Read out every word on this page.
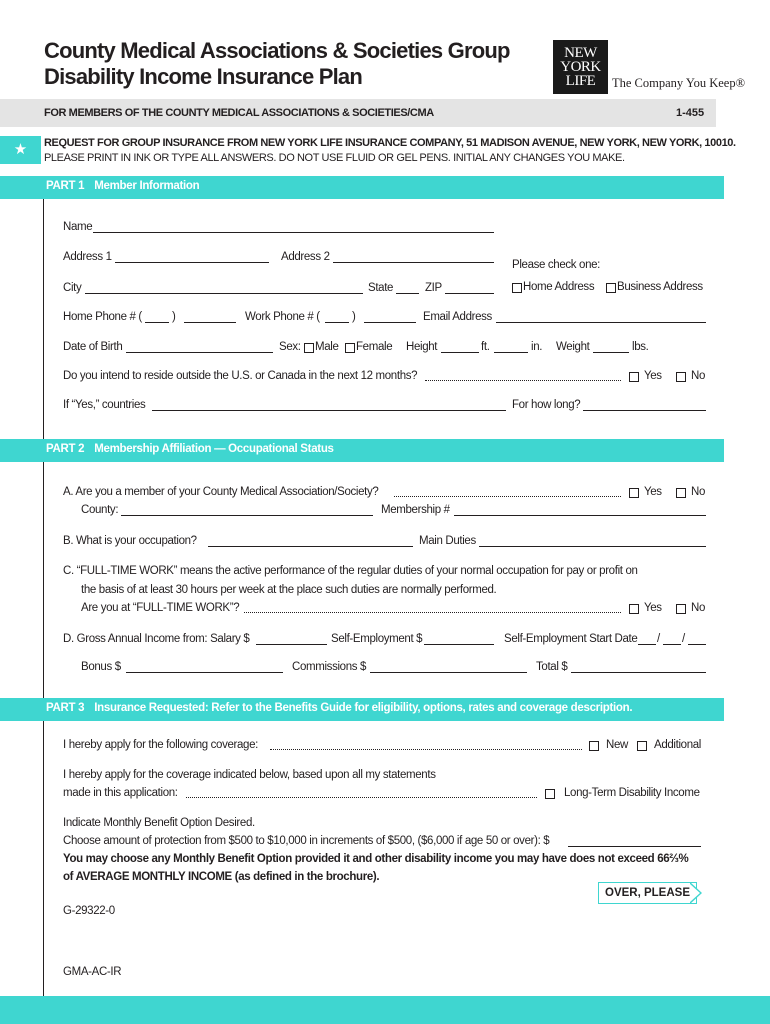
County Medical Associations & Societies Group
Disability Income Insurance Plan
NEW
YORK
LIFE	The Company You Keep®
FOR MEMBERS OF THE COUNTY MEDICAL ASSOCIATIONS & SOCIETIES/CMA	1-455
★	REQUEST FOR GROUP INSURANCE FROM NEW YORK LIFE INSURANCE COMPANY, 51 MADISON AVENUE, NEW YORK, NEW YORK, 10010.
PLEASE PRINT IN INK OR TYPE ALL ANSWERS. DO NOT USE FLUID OR GEL PENS. INITIAL ANY CHANGES YOU MAKE.
PART 1 Member Information
Name
Address 1	Address 2
Please check one:
City	State	ZIP	Home Address Business Address
Home Phone # (	)	Work Phone # (	)	Email Address
Date of Birth	Sex: Male Female Height	ft.	in. Weight	lbs.
Do you intend to reside outside the U.S. or Canada in the next 12 months?	Yes	No
If “Yes,” countries	For how long?
PART 2 Membership Affiliation — Occupational Status
A. Are you a member of your County Medical Association/Society?	Yes	No
County:	Membership #
B. What is your occupation?	Main Duties
C. “FULL-TIME WORK” means the active performance of the regular duties of your normal occupation for pay or profit on
the basis of at least 30 hours per week at the place such duties are normally performed.
Are you at “FULL-TIME WORK”?	Yes	No
D. Gross Annual Income from: Salary $	Self-Employment $	Self-Employment Start Date / /
Bonus $	Commissions $	Total $
PART 3 Insurance Requested: Refer to the Benefits Guide for eligibility, options, rates and coverage description.
I hereby apply for the following coverage:	New Additional
I hereby apply for the coverage indicated below, based upon all my statements
made in this application:	Long-Term Disability Income
Indicate Monthly Benefit Option Desired.
Choose amount of protection from $500 to $10,000 in increments of $500, ($6,000 if age 50 or over): $
You may choose any Monthly Benefit Option provided it and other disability income you may have does not exceed 66⅔%
of AVERAGE MONTHLY INCOME (as defined in the brochure).
OVER, PLEASE
G-29322-0
GMA-AC-IR
